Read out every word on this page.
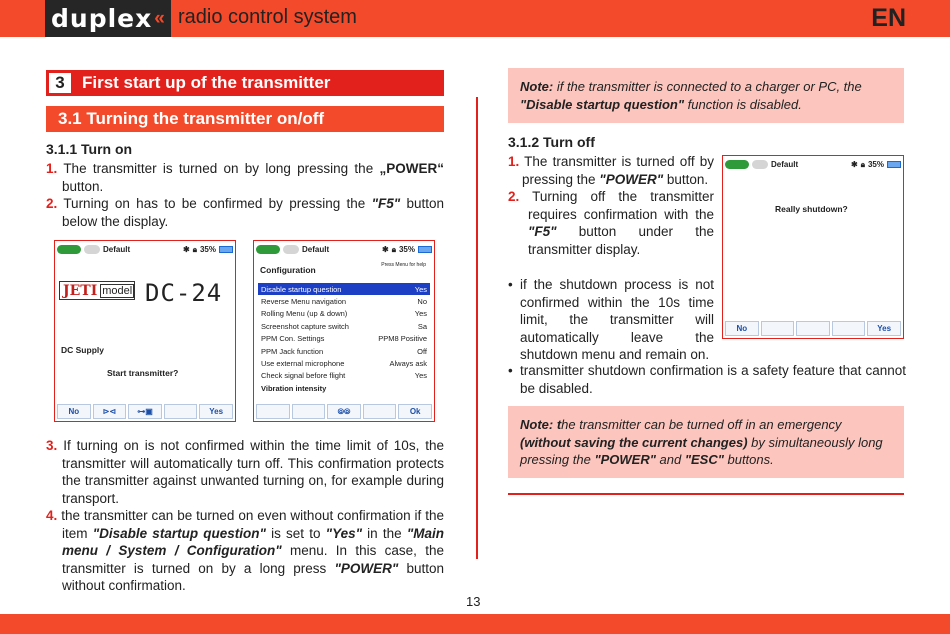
duplex « radio control system	EN
3	First start up of the transmitter
3.1 Turning the transmitter on/off
3.1.1 Turn on
1. The transmitter is turned on by long pressing the „POWER“ button.
2. Turning on has to be confirmed by pressing the "F5" button below the display.
Default	✱ 🔒︎ 35%
JETI model DC-24
DC Supply
Start transmitter?
No	⊳⊲	⊶▣	Yes
Default	✱ 🔒︎ 35%
Configuration	Press Menu for help
Disable startup question	Yes
Reverse Menu navigation	No
Rolling Menu (up & down)	Yes
Screenshot capture switch	Sa
PPM Con. Settings	PPM8 Positive
PPM Jack function	Off
Use external microphone	Always ask
Check signal before flight	Yes
Vibration intensity
⦾⦾	Ok
3. If turning on is not confirmed within the time limit of 10s, the transmitter will automatically turn off. This confirmation protects the transmitter against unwanted turning on, for example during transport.
4. the transmitter can be turned on even without confirmation if the item "Disable startup question" is set to "Yes" in the "Main menu / System / Configuration" menu. In this case, the transmitter is turned on by a long press "POWER" button without confirmation.
Note: if the transmitter is connected to a charger or PC, the "Disable startup question" function is disabled.
3.1.2 Turn off
1. The transmitter is turned off by pressing the "POWER" button.
2. Turning off the transmitter requires confirmation with the "F5" button under the transmitter display.
Default	✱ 🔒︎ 35%
Really shutdown?
No	Yes
• if the shutdown process is not confirmed within the 10s time limit, the transmitter will automatically leave the shutdown menu and remain on.
• transmitter shutdown confirmation is a safety feature that cannot be disabled.
Note: the transmitter can be turned off in an emergency (without saving the current changes) by simultaneously long pressing the "POWER" and "ESC" buttons.
13
